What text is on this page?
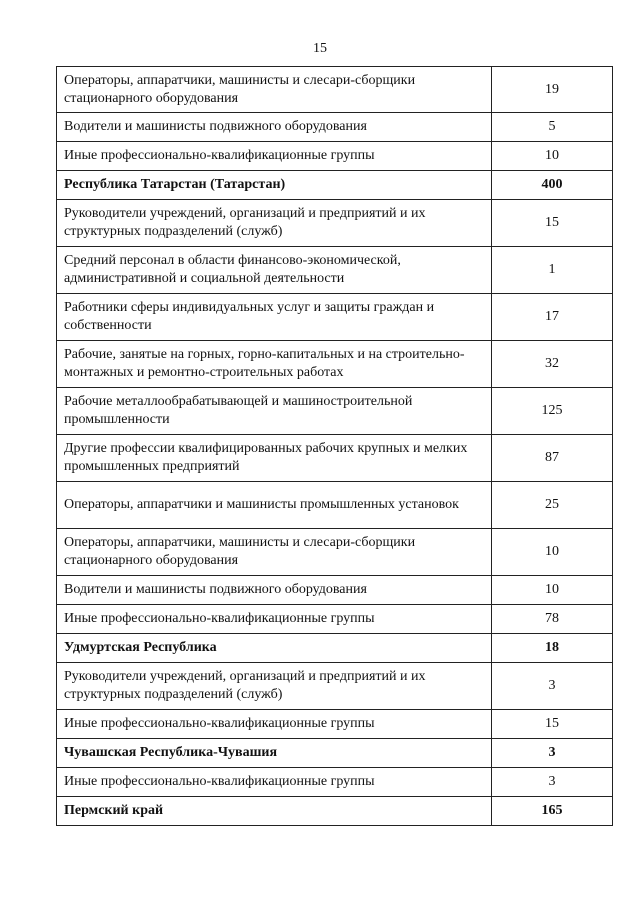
15
Операторы, аппаратчики, машинисты и слесари-сборщики стационарного оборудования	19
Водители и машинисты подвижного оборудования	5
Иные профессионально-квалификационные группы	10
Республика Татарстан (Татарстан)	400
Руководители учреждений, организаций и предприятий и их структурных подразделений (служб)	15
Средний персонал в области финансово-экономической, административной и социальной деятельности	1
Работники сферы индивидуальных услуг и защиты граждан и собственности	17
Рабочие, занятые на горных, горно-капитальных и на строительно-монтажных и ремонтно-строительных работах	32
Рабочие металлообрабатывающей и машиностроительной промышленности	125
Другие профессии квалифицированных рабочих крупных и мелких промышленных предприятий	87
Операторы, аппаратчики и машинисты промышленных установок	25
Операторы, аппаратчики, машинисты и слесари-сборщики стационарного оборудования	10
Водители и машинисты подвижного оборудования	10
Иные профессионально-квалификационные группы	78
Удмуртская Республика	18
Руководители учреждений, организаций и предприятий и их структурных подразделений (служб)	3
Иные профессионально-квалификационные группы	15
Чувашская Республика-Чувашия	3
Иные профессионально-квалификационные группы	3
Пермский край	165
